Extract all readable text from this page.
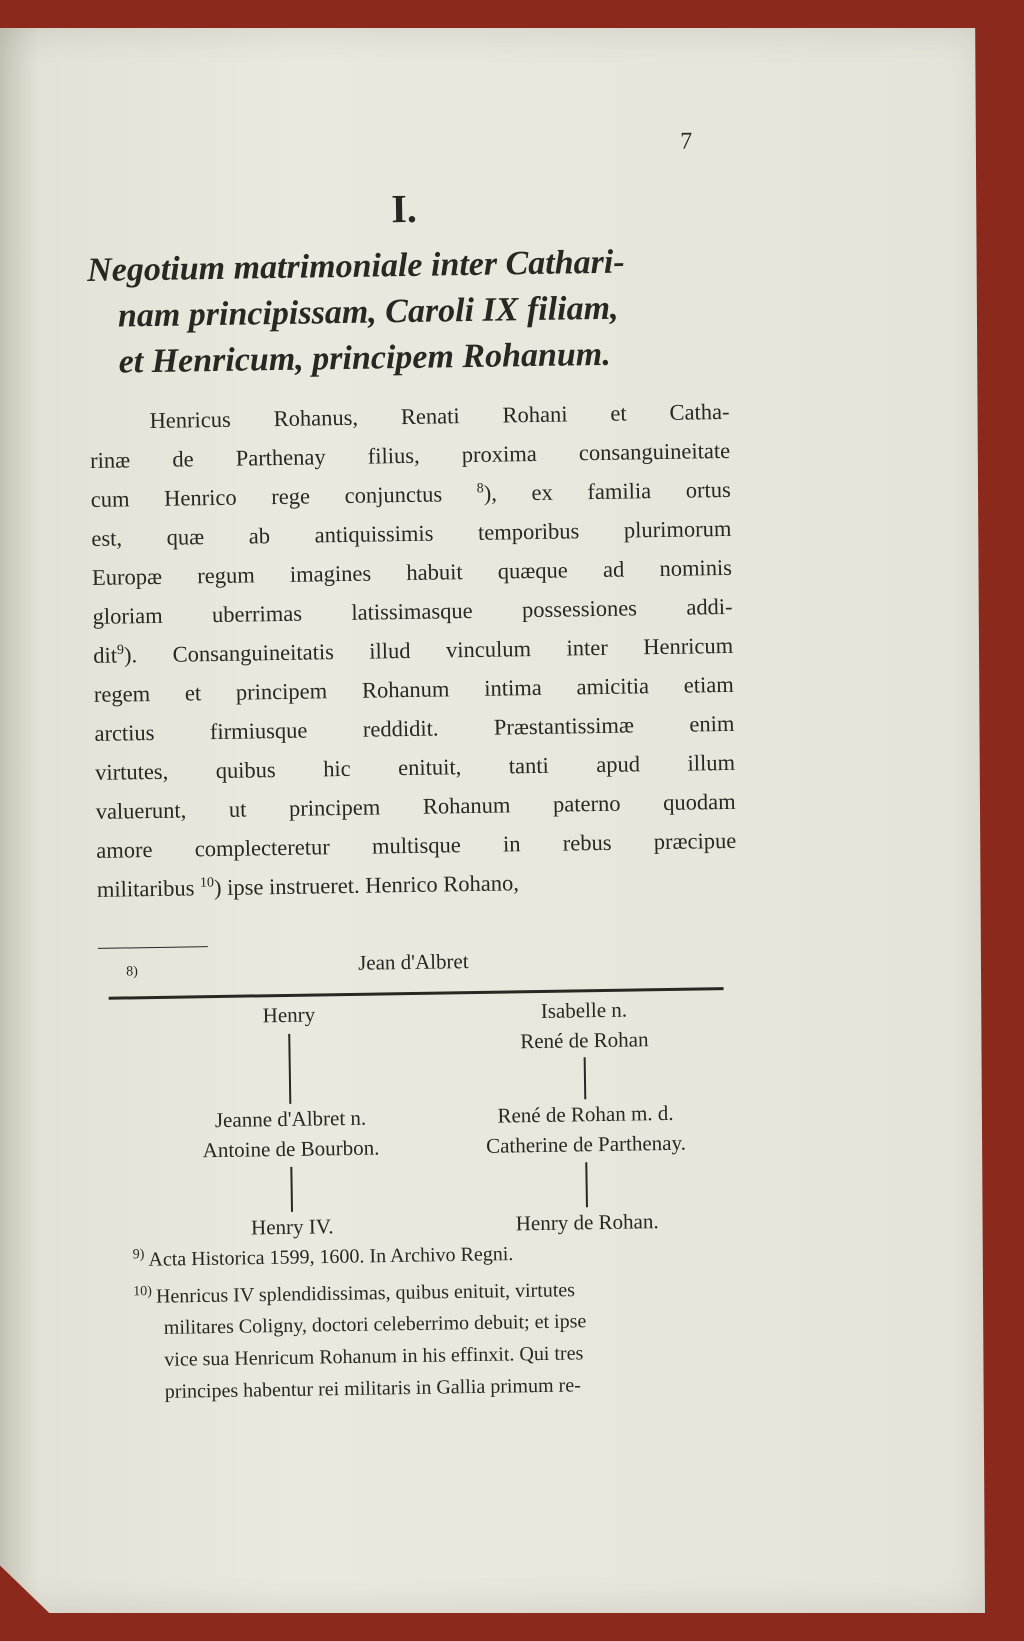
7
I.
Negotium matrimoniale inter Cathari-
nam principissam, Caroli IX filiam,
et Henricum, principem Rohanum.
Henricus Rohanus, Renati Rohani et Catha-
rinæ de Parthenay filius, proxima consanguineitate
cum Henrico rege conjunctus $^8$), ex familia ortus
est, quæ ab antiquissimis temporibus plurimorum
Europæ regum imagines habuit quæque ad nominis
gloriam uberrimas latissimasque possessiones addi-
dit$^9$). Consanguineitatis illud vinculum inter Henricum
regem et principem Rohanum intima amicitia etiam
arctius firmiusque reddidit. Præstantissimæ enim
virtutes, quibus hic enituit, tanti apud illum
valuerunt, ut principem Rohanum paterno quodam
amore complecteretur multisque in rebus præcipue
militaribus $^{10}$) ipse instrueret. Henrico Rohano,
8)	Jean d'Albret
Henry
Jeanne d'Albret n.
Antoine de Bourbon.
Henry IV.
Isabelle n.
René de Rohan
René de Rohan m. d.
Catherine de Parthenay.
Henry de Rohan.
$^{9)}$ Acta Historica 1599, 1600. In Archivo Regni.
$^{10)}$ Henricus IV splendidissimas, quibus enituit, virtutes
militares Coligny, doctori celeberrimo debuit; et ipse
vice sua Henricum Rohanum in his effinxit. Qui tres
principes habentur rei militaris in Gallia primum re-
